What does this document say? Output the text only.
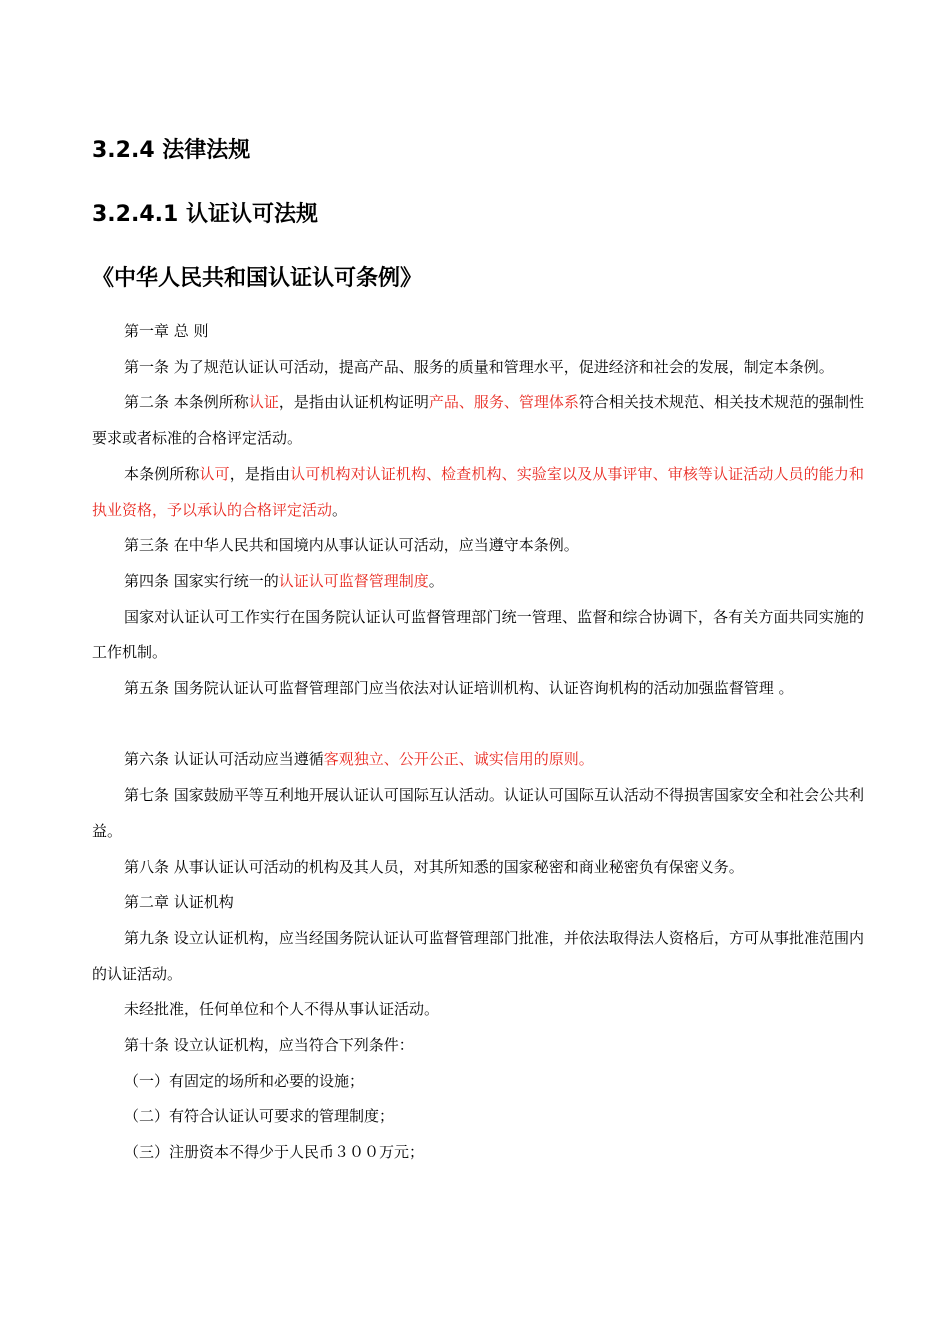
3.2.4 法律法规
3.2.4.1 认证认可法规
《中华人民共和国认证认可条例》

第一章 总 则

第一条 为了规范认证认可活动，提高产品、服务的质量和管理水平，促进经济和社会的发展，制定本条例。

第二条 本条例所称认证，是指由认证机构证明产品、服务、管理体系符合相关技术规范、相关技术规范的强制性要求或者标准的合格评定活动。

本条例所称认可，是指由认可机构对认证机构、检查机构、实验室以及从事评审、审核等认证活动人员的能力和执业资格，予以承认的合格评定活动。

第三条 在中华人民共和国境内从事认证认可活动，应当遵守本条例。

第四条 国家实行统一的认证认可监督管理制度。

国家对认证认可工作实行在国务院认证认可监督管理部门统一管理、监督和综合协调下，各有关方面共同实施的工作机制。

第五条 国务院认证认可监督管理部门应当依法对认证培训机构、认证咨询机构的活动加强监督管理 。

第六条 认证认可活动应当遵循客观独立、公开公正、诚实信用的原则。

第七条 国家鼓励平等互利地开展认证认可国际互认活动。认证认可国际互认活动不得损害国家安全和社会公共利益。

第八条 从事认证认可活动的机构及其人员，对其所知悉的国家秘密和商业秘密负有保密义务。

第二章 认证机构

第九条 设立认证机构，应当经国务院认证认可监督管理部门批准，并依法取得法人资格后，方可从事批准范围内的认证活动。

未经批准，任何单位和个人不得从事认证活动。

第十条 设立认证机构，应当符合下列条件：

（一）有固定的场所和必要的设施；

（二）有符合认证认可要求的管理制度；

（三）注册资本不得少于人民币３００万元；
